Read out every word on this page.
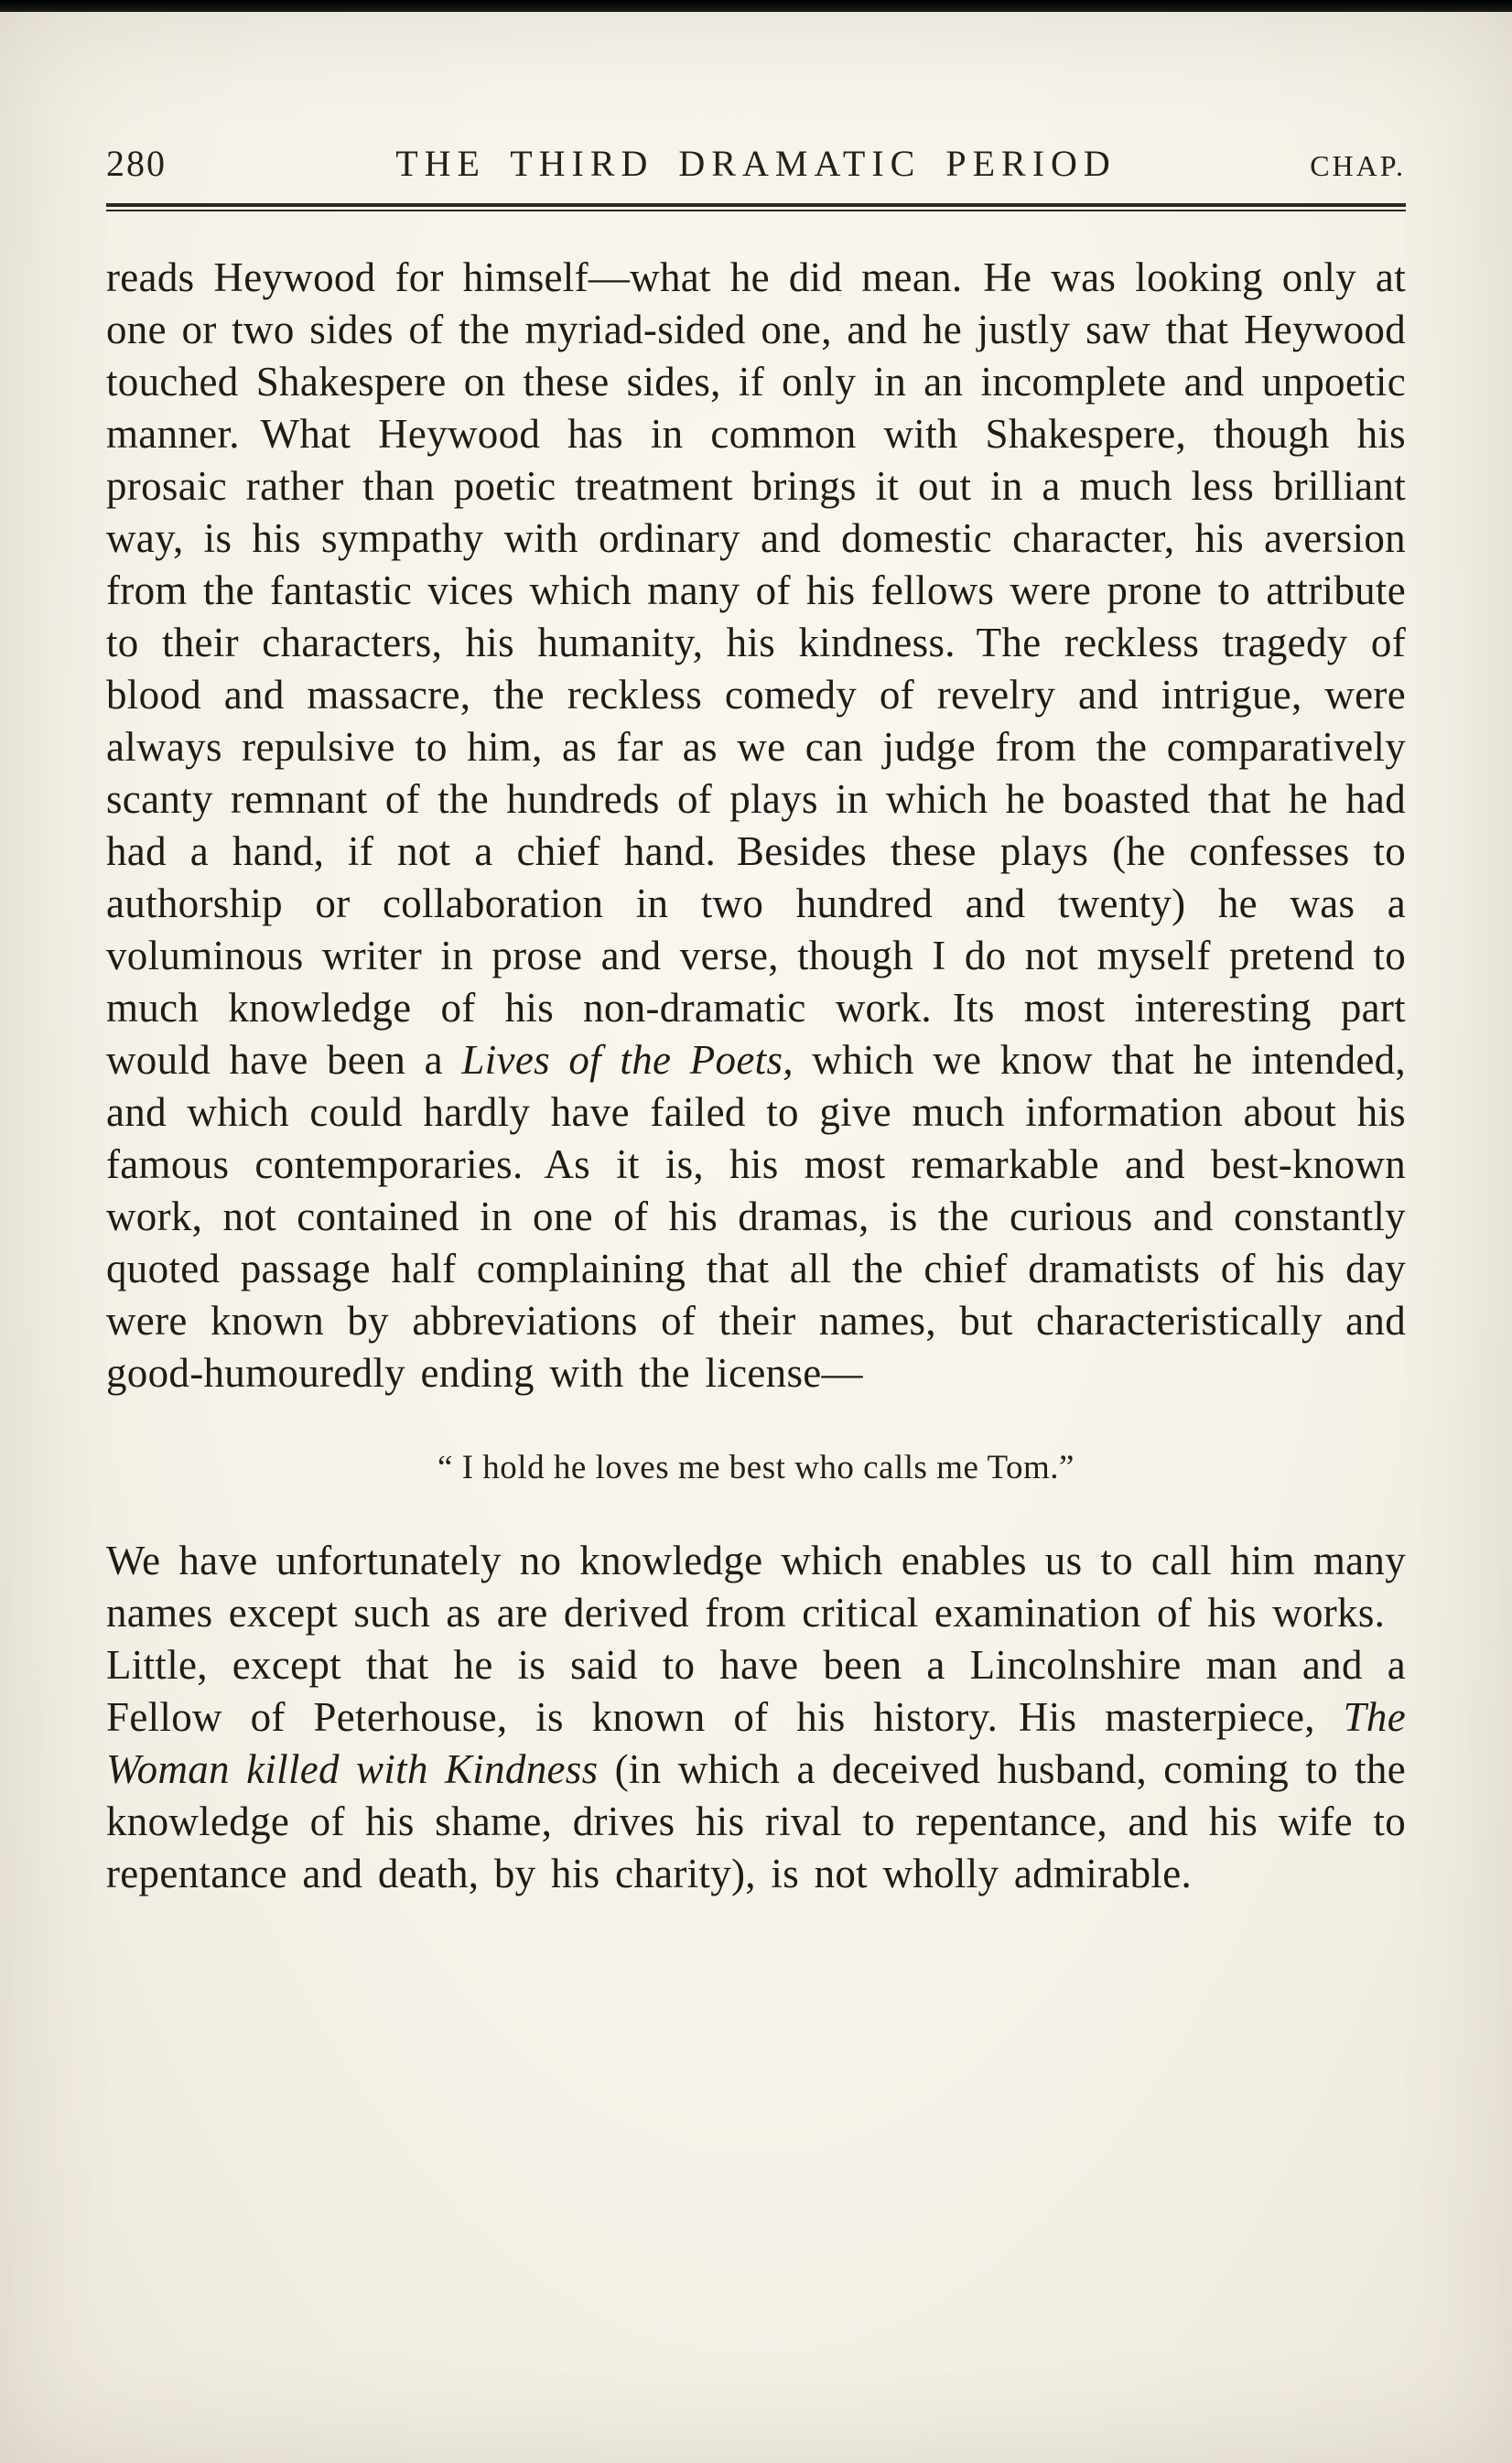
280	THE THIRD DRAMATIC PERIOD	CHAP.

reads Heywood for himself—what he did mean. He was looking only at one or two sides of the myriad-sided one, and he justly saw that Heywood touched Shakespere on these sides, if only in an incomplete and unpoetic manner. What Heywood has in common with Shakespere, though his prosaic rather than poetic treatment brings it out in a much less brilliant way, is his sympathy with ordinary and domestic character, his aversion from the fantastic vices which many of his fellows were prone to attribute to their characters, his humanity, his kindness. The reckless tragedy of blood and massacre, the reckless comedy of revelry and intrigue, were always repulsive to him, as far as we can judge from the comparatively scanty remnant of the hundreds of plays in which he boasted that he had had a hand, if not a chief hand. Besides these plays (he confesses to authorship or collaboration in two hundred and twenty) he was a voluminous writer in prose and verse, though I do not myself pretend to much knowledge of his non-dramatic work. Its most interesting part would have been a Lives of the Poets, which we know that he intended, and which could hardly have failed to give much information about his famous contemporaries. As it is, his most remarkable and best-known work, not contained in one of his dramas, is the curious and constantly quoted passage half complaining that all the chief dramatists of his day were known by abbreviations of their names, but characteristically and good-humouredly ending with the license—

“ I hold he loves me best who calls me Tom.”

We have unfortunately no knowledge which enables us to call him many names except such as are derived from critical examination of his works. Little, except that he is said to have been a Lincolnshire man and a Fellow of Peterhouse, is known of his history. His masterpiece, The Woman killed with Kindness (in which a deceived husband, coming to the knowledge of his shame, drives his rival to repentance, and his wife to repentance and death, by his charity), is not wholly admirable.
